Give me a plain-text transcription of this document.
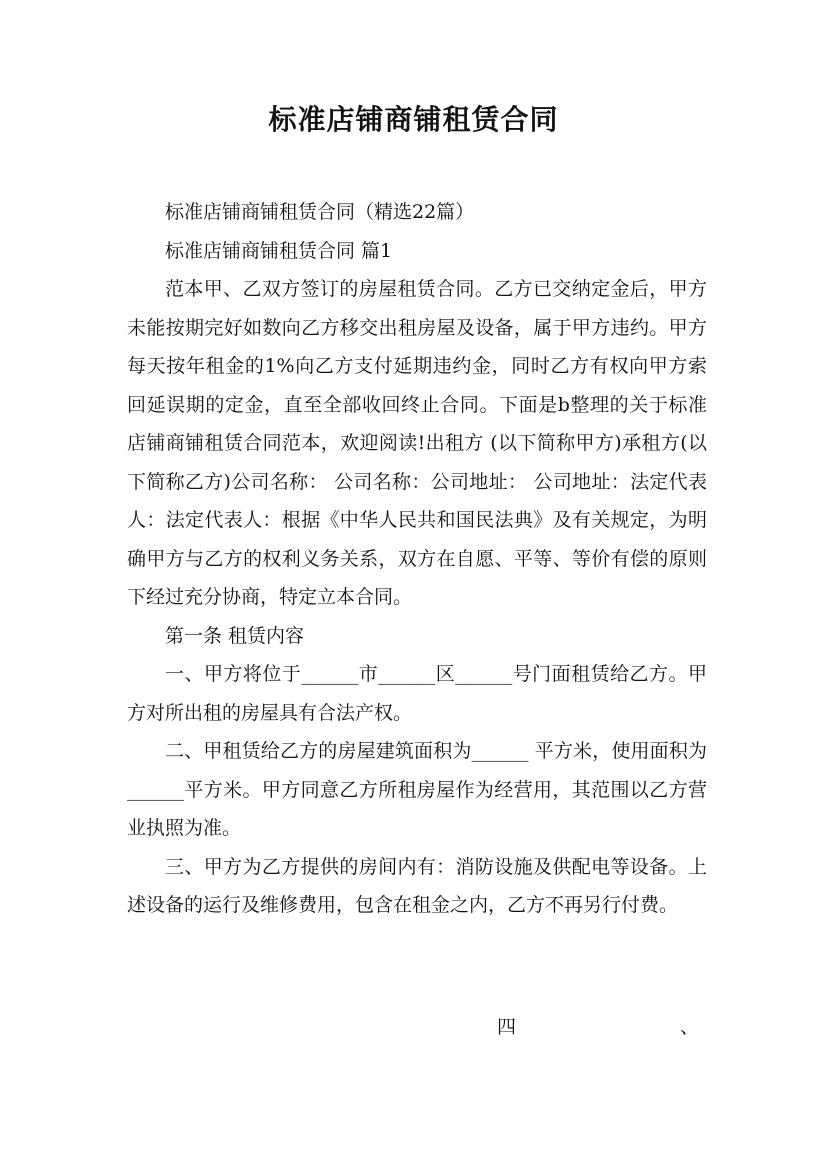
标准店铺商铺租赁合同

标准店铺商铺租赁合同（精选22篇）

标准店铺商铺租赁合同 篇1

范本甲、乙双方签订的房屋租赁合同。乙方已交纳定金后，甲方未能按期完好如数向乙方移交出租房屋及设备，属于甲方违约。甲方每天按年租金的1%向乙方支付延期违约金，同时乙方有权向甲方索回延误期的定金，直至全部收回终止合同。下面是b整理的关于标准店铺商铺租赁合同范本，欢迎阅读!出租方 (以下简称甲方)承租方(以下简称乙方)公司名称： 公司名称：公司地址： 公司地址：法定代表人：法定代表人：根据《中华人民共和国民法典》及有关规定，为明确甲方与乙方的权利义务关系，双方在自愿、平等、等价有偿的原则下经过充分协商，特定立本合同。

第一条 租赁内容

一、甲方将位于______市______区______号门面租赁给乙方。甲方对所出租的房屋具有合法产权。

二、甲租赁给乙方的房屋建筑面积为______ 平方米，使用面积为______平方米。甲方同意乙方所租房屋作为经营用，其范围以乙方营业执照为准。

三、甲方为乙方提供的房间内有：消防设施及供配电等设备。上述设备的运行及维修费用，包含在租金之内，乙方不再另行付费。

四	、
